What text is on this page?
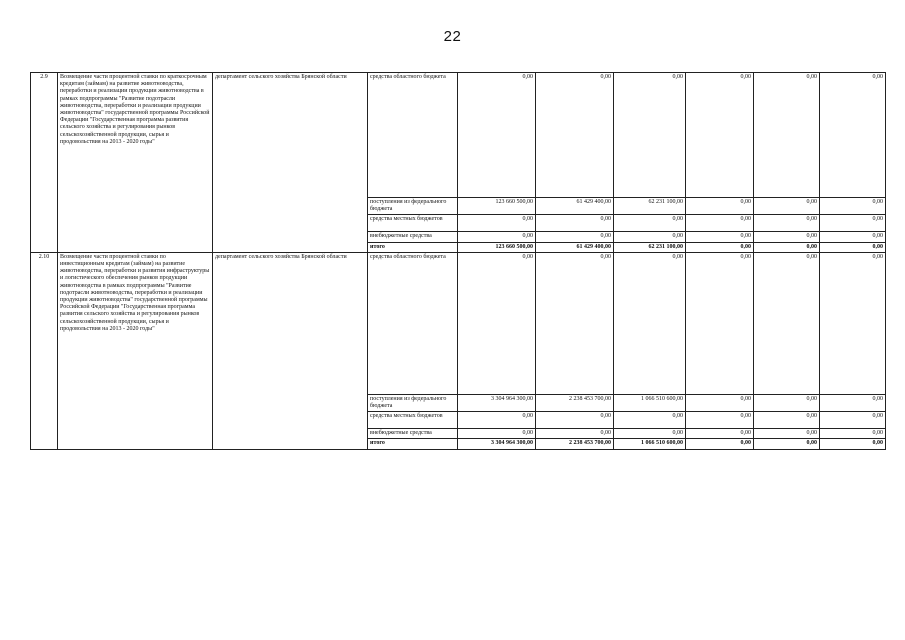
22
2.9	Возмещение части процентной ставки по краткосрочным кредитам (займам) на развитие животноводства, переработки и реализации продукции животноводства в рамках подпрограммы "Развитие подотрасли животноводства, переработки и реализации продукции животноводства" государственной программы Российской Федерации "Государственная программа развития сельского хозяйства и регулирования рынков сельскохозяйственной продукции, сырья и продовольствия на 2013 - 2020 годы"	департамент сельского хозяйства Брянской области	средства областного бюджета	0,00	0,00	0,00	0,00	0,00	0,00
			поступления из федерального бюджета	123 660 500,00	61 429 400,00	62 231 100,00	0,00	0,00	0,00
			средства местных бюджетов	0,00	0,00	0,00	0,00	0,00	0,00
			внебюджетные средства	0,00	0,00	0,00	0,00	0,00	0,00
			итого	123 660 500,00	61 429 400,00	62 231 100,00	0,00	0,00	0,00
2.10	Возмещение части процентной ставки по инвестиционным кредитам (займам) на развитие животноводства, переработки и развития инфраструктуры и логистического обеспечения рынков продукции животноводства в рамках подпрограммы "Развитие подотрасли животноводства, переработки и реализации продукции животноводства" государственной программы Российской Федерации "Государственная программа развития сельского хозяйства и регулирования рынков сельскохозяйственной продукции, сырья и продовольствия на 2013 - 2020 годы"	департамент сельского хозяйства Брянской области	средства областного бюджета	0,00	0,00	0,00	0,00	0,00	0,00
			поступления из федерального бюджета	3 304 964 300,00	2 238 453 700,00	1 066 510 600,00	0,00	0,00	0,00
			средства местных бюджетов	0,00	0,00	0,00	0,00	0,00	0,00
			внебюджетные средства	0,00	0,00	0,00	0,00	0,00	0,00
			итого	3 304 964 300,00	2 238 453 700,00	1 066 510 600,00	0,00	0,00	0,00
